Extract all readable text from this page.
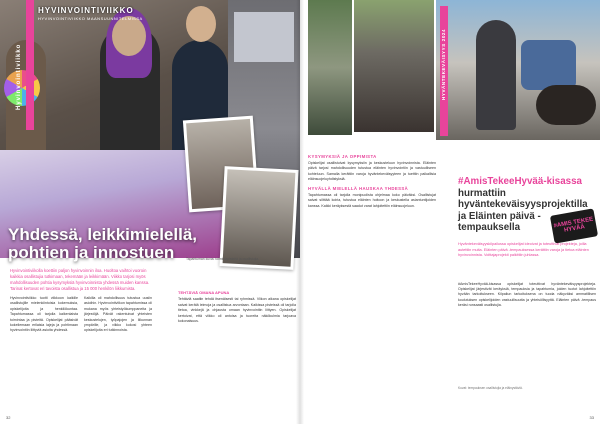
HYVINVOINTIVIIKKO
HYVINVOINTIVIIKKO MAANSUUNNITELMISSA
Hyvinvointiviikko
Tapahtuman kuvia: toimintapisteitä ja osallistujia.
Yhdessä, leikkimielellä, pohtien ja innostuen
Hyvinvointiviikolla koettiin paljon hyvinvoinnin iloa. Huoltoa vaihtoi vuoroin kaikkia osallistujia tutkimaan, tekemään ja leikkimään. Viikko tarjosi myös mahdollisuuden pohtia kysymyksiä hyvinvoinnista yhdessä muiden kanssa. Tarinat kertovat eri tavoista osallistua ja 15 000 henkilön liikkumista.
Hyvinvointiviikko tuotti viikkoon kaikille osallistujille mielenkiintoisia kokemuksia, opiskelijoita ja henkilökuntaa. Tapahtumassa oli tarjolla kaikenlaista toimintaa ja pisteitä. Opiskelijat pääsivät kokeilemaan erilaisia lajeja ja pohtimaan hyvinvointiin liittyviä asioita yhdessä.
Kaikilla oli mahdollisuus tutustua uusiin asioihin. Hyvinvointiviikon tapahtumissa oli mukana myös yhteistyökumppaneita ja järjestöjä. Päivät rakentuivat yhteisten keskustelujen, työpajojen ja liikunnan ympärille, ja viikko kokosi yhteen opiskelijoita eri tutkinnoista.
TEHTÄVIÄ OMANA APUNA
Tehtäviä saatiin tehdä itsenäisesti tai ryhmissä. Viikon aikana opiskelijat saivat kerätä leimoja ja osallistua arvontaan. Kaikissa pisteissä oli tarjolla tietoa, vinkkejä ja ohjausta omaan hyvinvointiin liittyen. Opiskelijat kertoivat, että viikko oli antoisa ja tuoreita näkökulmia tarjoava kokonaisuus.
32
HYVÄNTEKEVÄISYYS 2024
KYSYMYKSIÄ JA OPPIMISTA
Opiskelijat osallistuivat kysymyksiin ja keskusteluun hyvinvoinnista. Eläinten päivä tarjosi mahdollisuuden tutustua eläinten hyvinvointiin ja vastuulliseen kohteluun. Samalla kerättiin varoja hyväntekeväisyyteen ja tuettiin paikallisia eläinsuojeluyhdistyksiä.
HYVÄLLÄ MIELELLÄ HAUSKAA YHDESSÄ
Tapahtumassa oli tarjolla monipuolista ohjelmaa koko päiväksi. Osallistujat saivat silittää koiria, tutustua eläinten hoitoon ja keskustella asiantuntijoiden kanssa. Kaikki keräyksestä saadut varat lahjoitettiin eläinsuojeluun.
#AmisTekeeHyvää-kisassa
hurmattiin hyväntekeväisyysprojektilla ja Eläinten päivä -tempauksella	#AMIS TEKEE HYVÄÄ
Hyväntekeväisyyskilpailussa opiskelijat ideoivat ja toteuttivat projekteja, joilla autettiin muita. Eläinten päivä -tempauksessa kerättiin varoja ja tietoa eläinten hyvinvoinnista. Voittajaprojekti palkittiin juhlassa.
#AmisTekeeHyvää-kisassa opiskelijat toteuttivat hyväntekeväisyysprojekteja. Opiskelijat järjestivät keräyksiä, tempauksia ja tapahtumia, joiden tuotot lahjoitettiin hyvään tarkoitukseen. Kilpailun tarkoituksena on tuoda näkyväksi ammatillisen koulutuksen opiskelijoiden vastuullisuutta ja yhteisöllisyyttä. Eläinten päivä -tempaus keräsi runsaasti osallistujia.
Kuvat: tempauksen osallistujia ja eläinystäviä.
33
